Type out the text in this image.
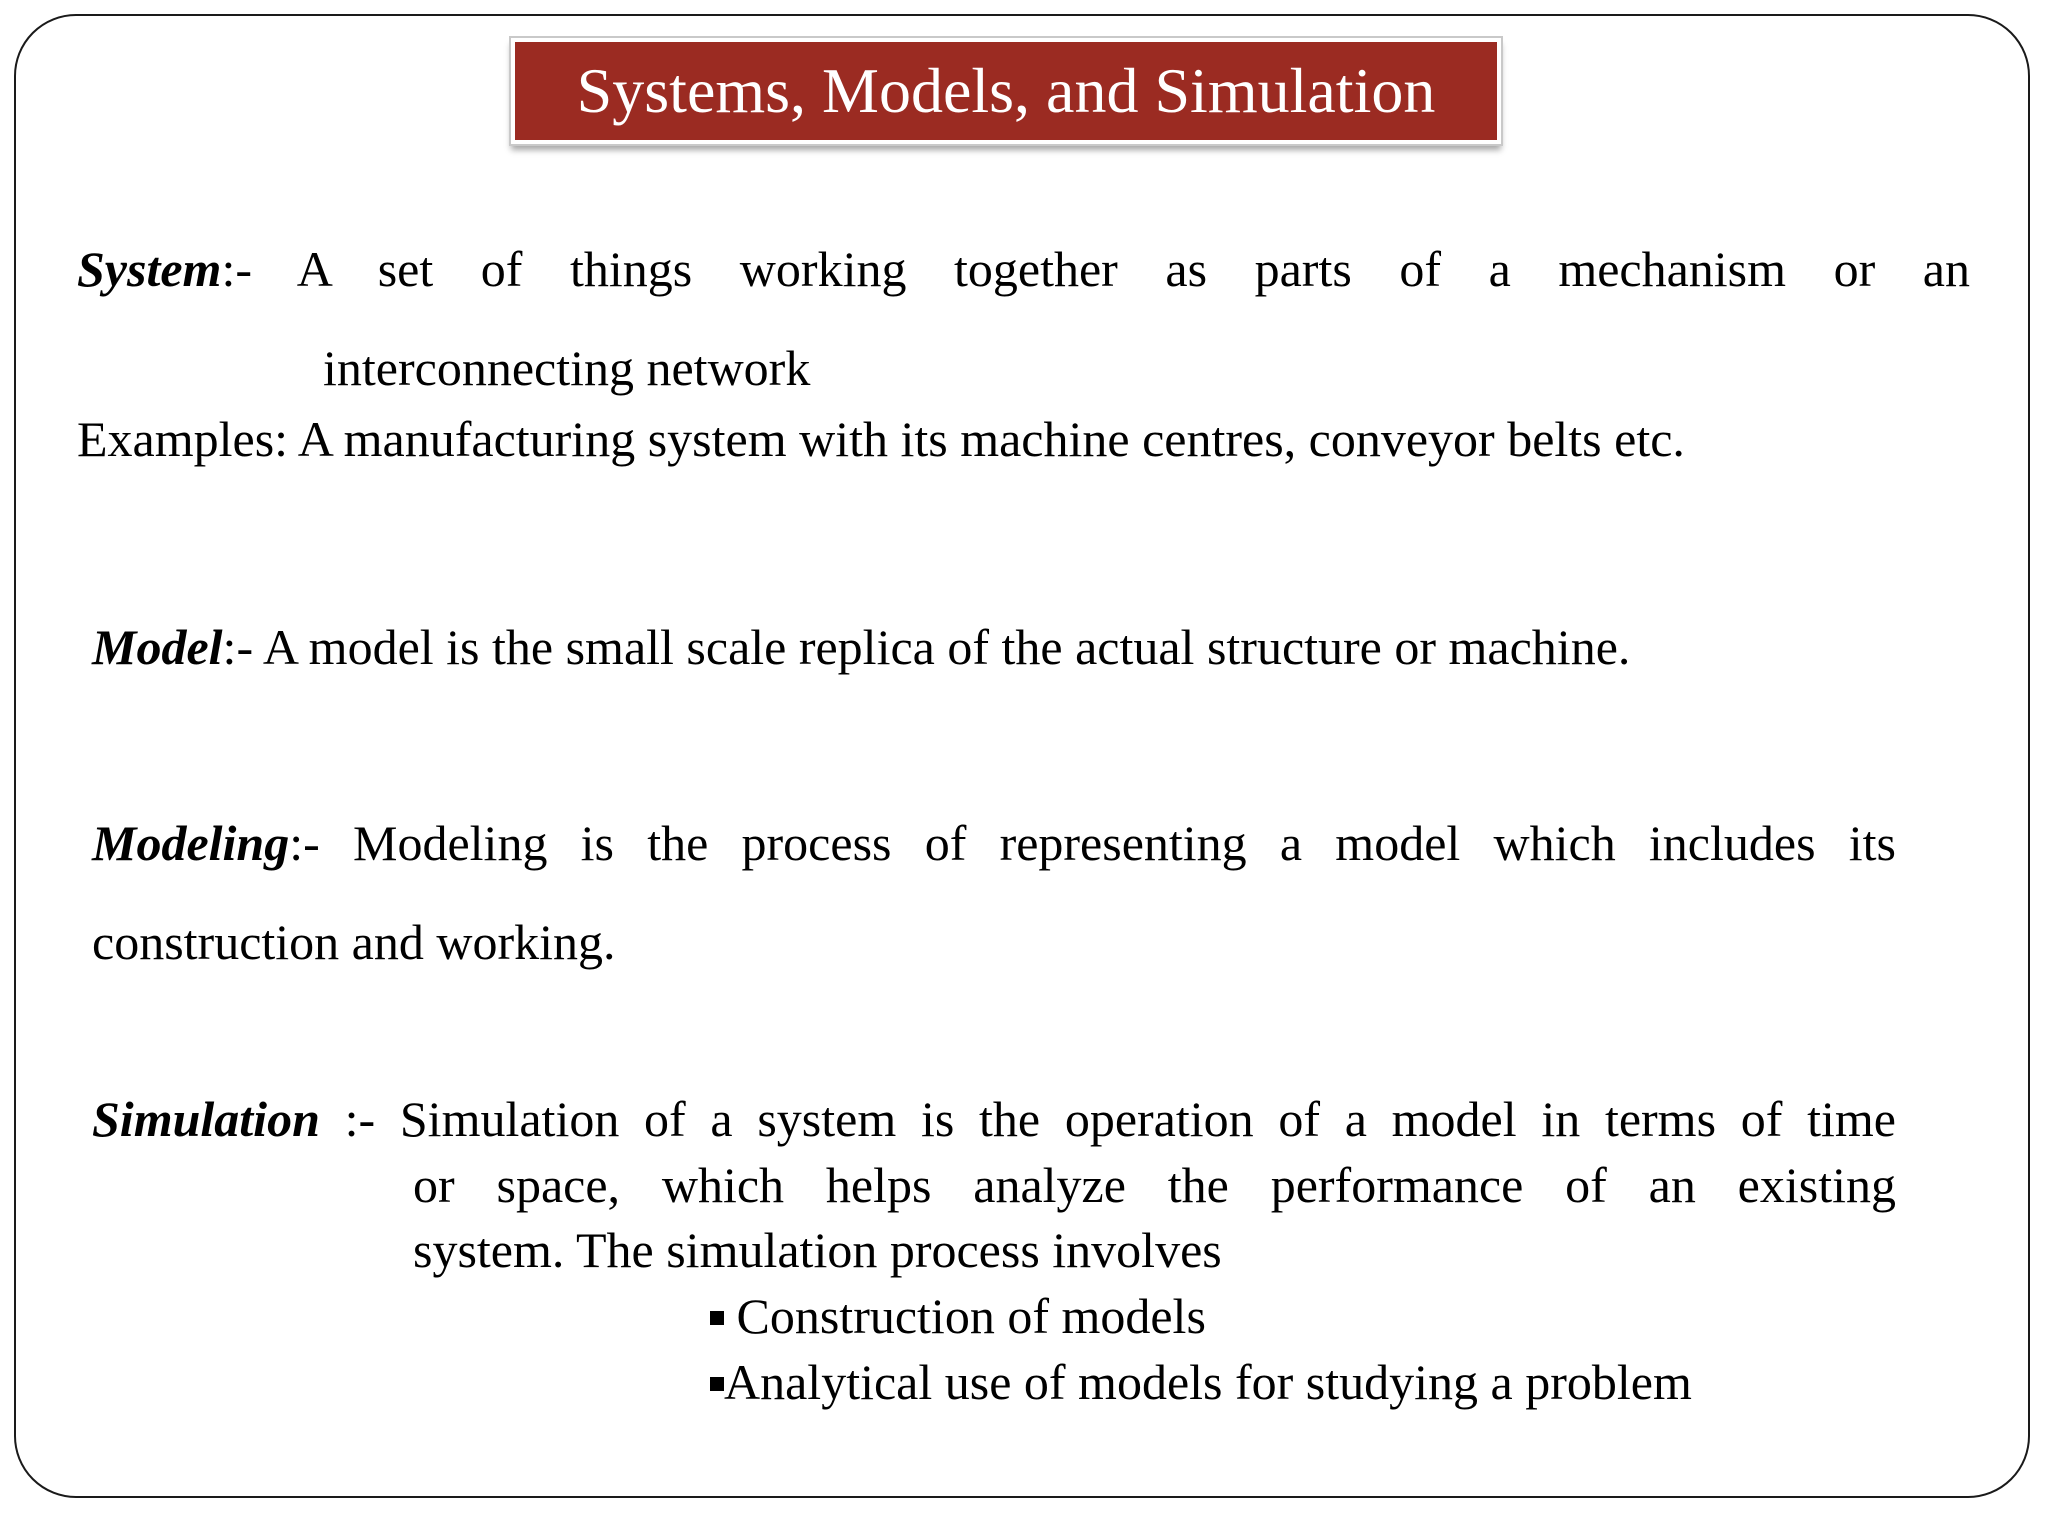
Systems, Models, and Simulation
System:- A set of things working together as parts of a mechanism or an
interconnecting network
Examples: A manufacturing system with its machine centres, conveyor belts etc.
Model:- A model is the small scale replica of the actual structure or machine.
Modeling:- Modeling is the process of representing a model which includes its
construction and working.
Simulation :- Simulation of a system is the operation of a model in terms of time
or space, which helps analyze the performance of an existing
system. The simulation process involves
Construction of models
Analytical use of models for studying a problem
